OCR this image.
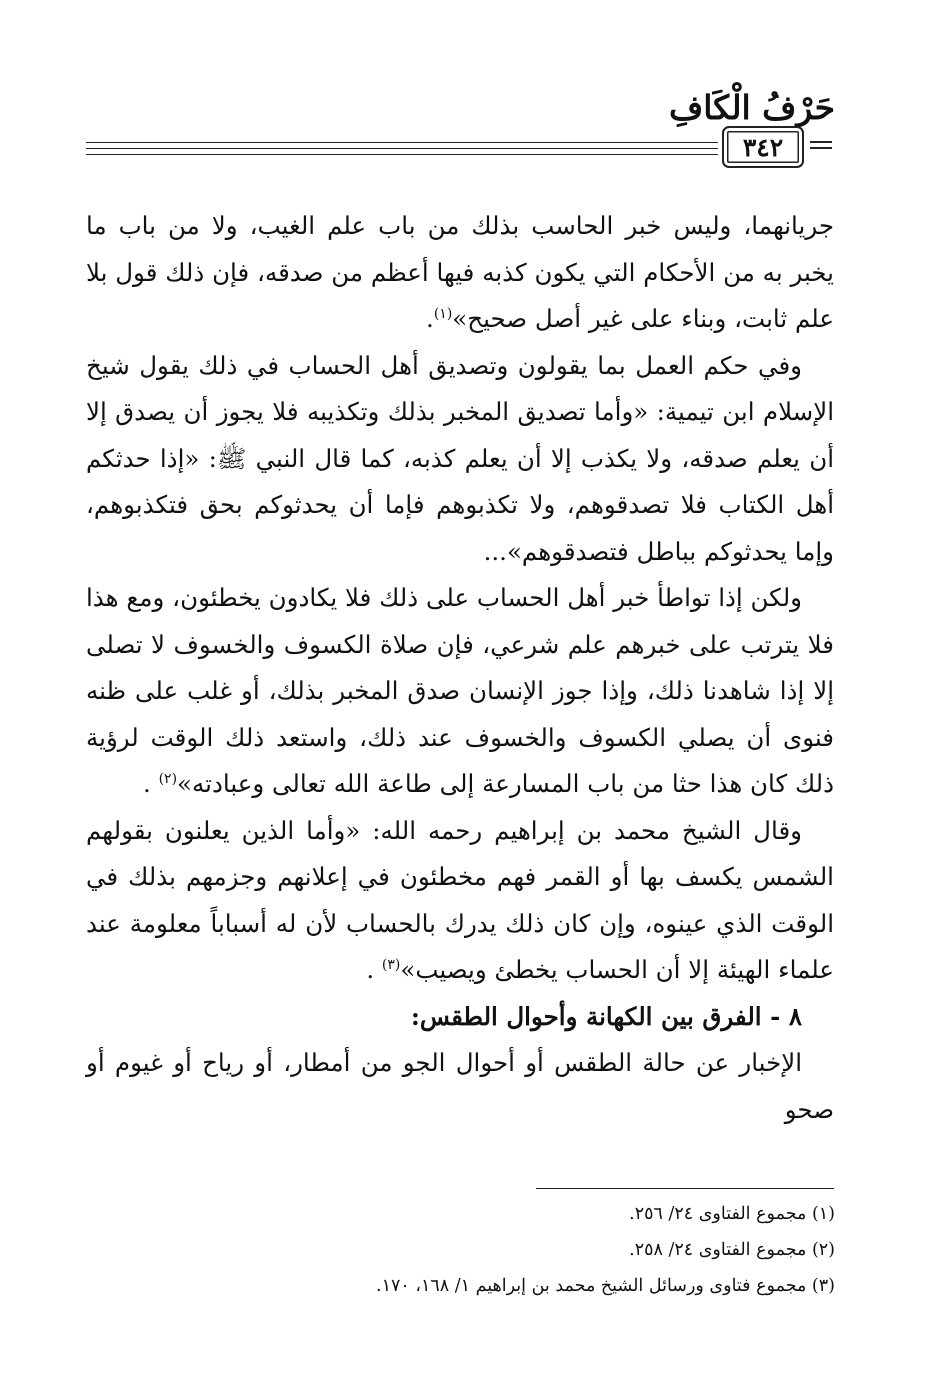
حَرْفُ الْكَافِ
٣٤٢

جريانهما، وليس خبر الحاسب بذلك من باب علم الغيب، ولا من باب ما يخبر به من الأحكام التي يكون كذبه فيها أعظم من صدقه، فإن ذلك قول بلا علم ثابت، وبناء على غير أصل صحيح»$^{(١)}$.

وفي حكم العمل بما يقولون وتصديق أهل الحساب في ذلك يقول شيخ الإسلام ابن تيمية: «وأما تصديق المخبر بذلك وتكذيبه فلا يجوز أن يصدق إلا أن يعلم صدقه، ولا يكذب إلا أن يعلم كذبه، كما قال النبي ﷺ: «إذا حدثكم أهل الكتاب فلا تصدقوهم، ولا تكذبوهم فإما أن يحدثوكم بحق فتكذبوهم، وإما يحدثوكم بباطل فتصدقوهم»...

ولكن إذا تواطأ خبر أهل الحساب على ذلك فلا يكادون يخطئون، ومع هذا فلا يترتب على خبرهم علم شرعي، فإن صلاة الكسوف والخسوف لا تصلى إلا إذا شاهدنا ذلك، وإذا جوز الإنسان صدق المخبر بذلك، أو غلب على ظنه فنوى أن يصلي الكسوف والخسوف عند ذلك، واستعد ذلك الوقت لرؤية ذلك كان هذا حثا من باب المسارعة إلى طاعة الله تعالى وعبادته»$^{(٢)}$ .

وقال الشيخ محمد بن إبراهيم رحمه الله: «وأما الذين يعلنون بقولهم الشمس يكسف بها أو القمر فهم مخطئون في إعلانهم وجزمهم بذلك في الوقت الذي عينوه، وإن كان ذلك يدرك بالحساب لأن له أسباباً معلومة عند علماء الهيئة إلا أن الحساب يخطئ ويصيب»$^{(٣)}$ .

٨ - الفرق بين الكهانة وأحوال الطقس:

الإخبار عن حالة الطقس أو أحوال الجو من أمطار، أو رياح أو غيوم أو صحو

(١) مجموع الفتاوى ٢٤/ ٢٥٦.

(٢) مجموع الفتاوى ٢٤/ ٢٥٨.

(٣) مجموع فتاوى ورسائل الشيخ محمد بن إبراهيم ١/ ١٦٨، ١٧٠.
